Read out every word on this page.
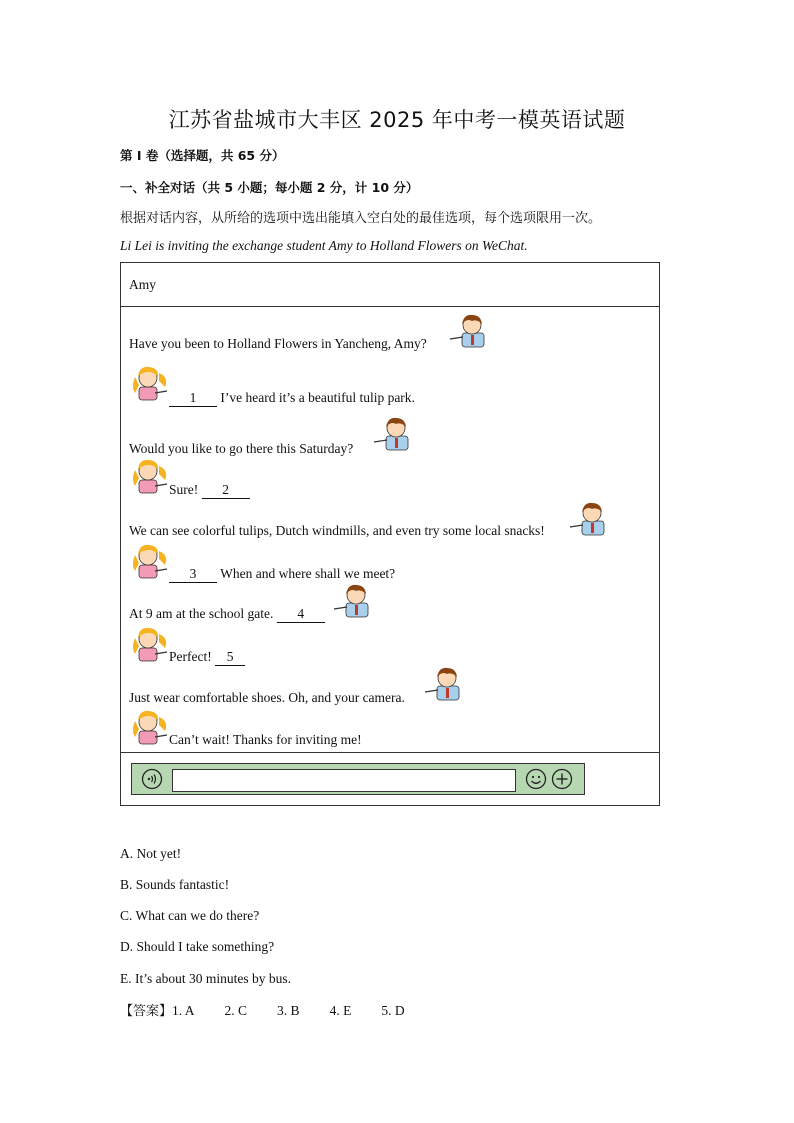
江苏省盐城市大丰区 2025 年中考一模英语试题
第 I 卷（选择题，共 65 分）
一、补全对话（共 5 小题；每小题 2 分，计 10 分）
根据对话内容，从所给的选项中选出能填入空白处的最佳选项，每个选项限用一次。
Li Lei is inviting the exchange student Amy to Holland Flowers on WeChat.
Amy
Have you been to Holland Flowers in Yancheng, Amy?
1 I’ve heard it’s a beautiful tulip park.
Would you like to go there this Saturday?
Sure! 2
We can see colorful tulips, Dutch windmills, and even try some local snacks!
3 When and where shall we meet?
At 9 am at the school gate. 4
Perfect! 5
Just wear comfortable shoes. Oh, and your camera.
Can’t wait! Thanks for inviting me!
A. Not yet!
B. Sounds fantastic!
C. What can we do there?
D. Should I take something?
E. It’s about 30 minutes by bus.
【答案】1. A 2. C 3. B 4. E 5. D
